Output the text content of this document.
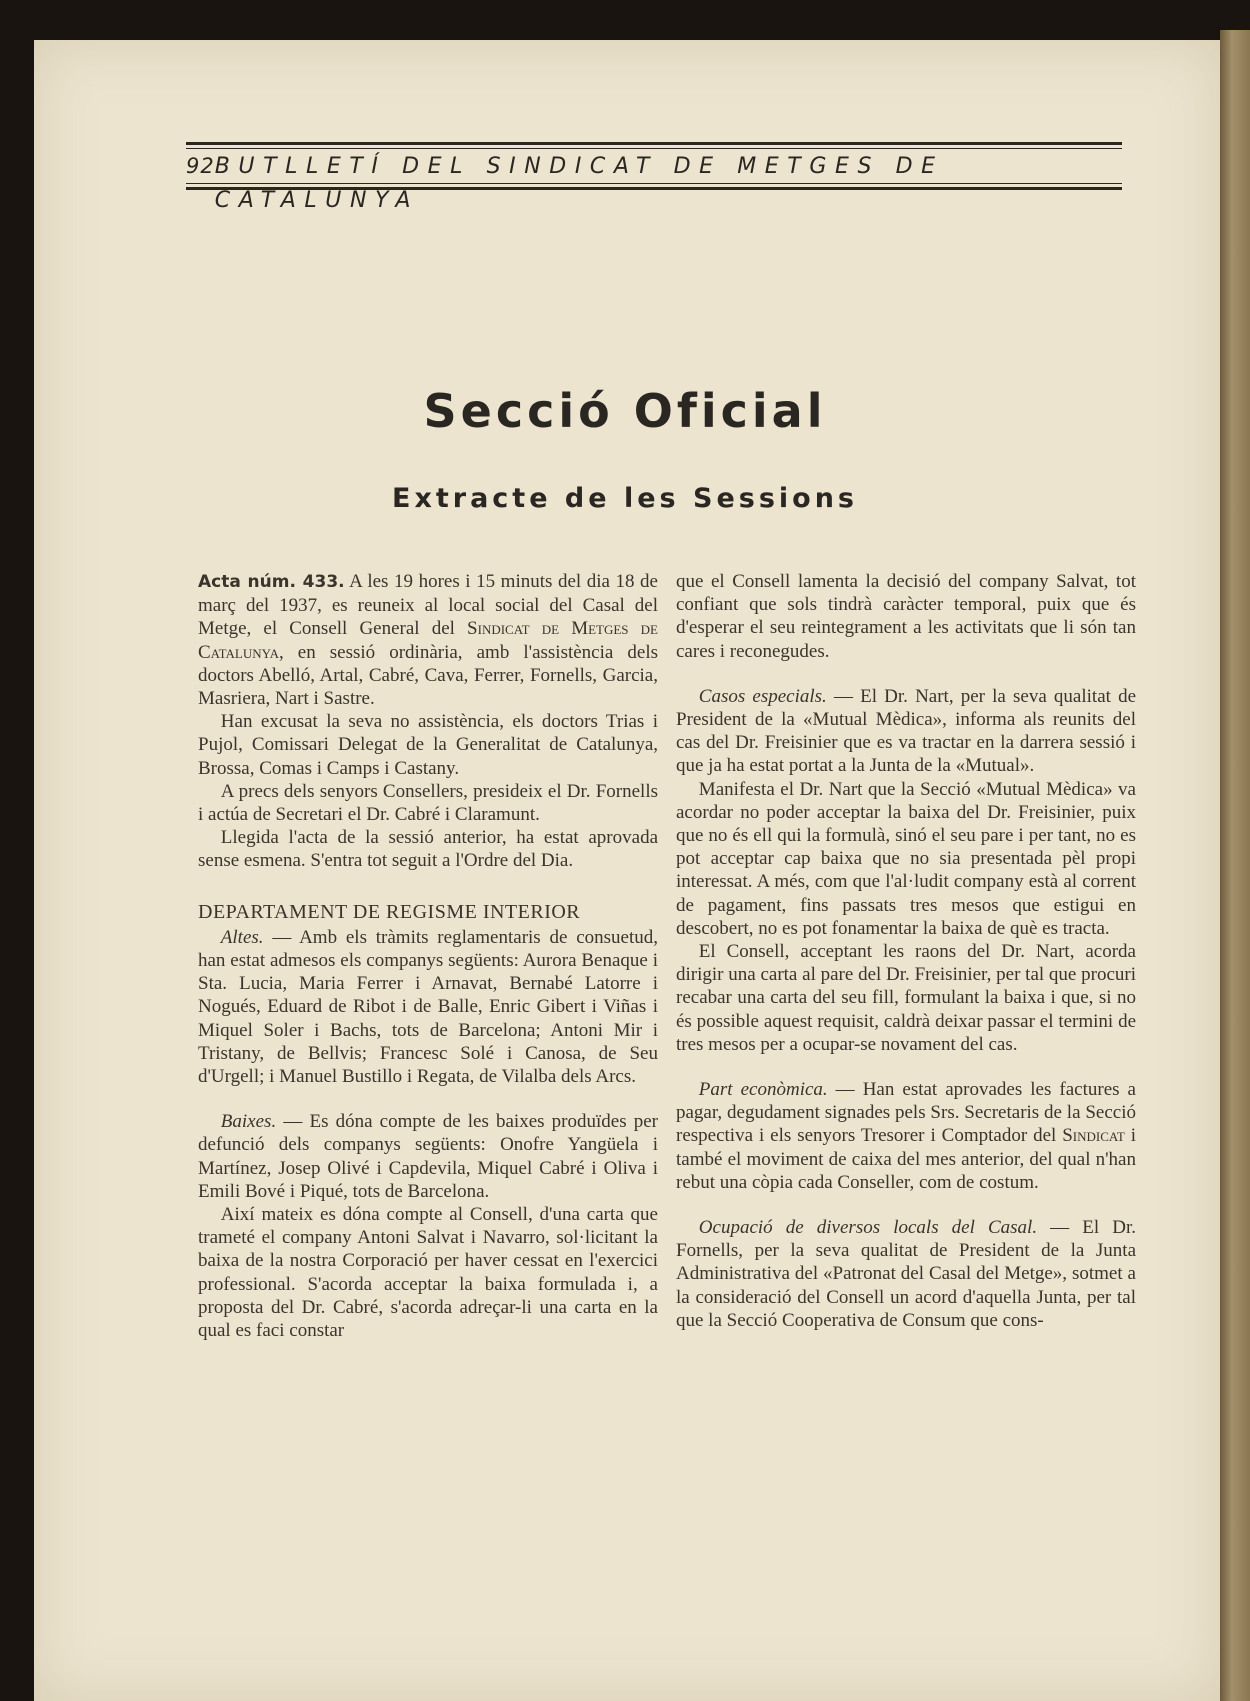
92 BUTLLETÍ DEL SINDICAT DE METGES DE CATALUNYA
Secció Oficial
Extracte de les Sessions

Acta núm. 433. A les 19 hores i 15 minuts del dia 18 de març del 1937, es reuneix al local social del Casal del Metge, el Consell General del Sindicat de Metges de Catalunya, en sessió ordinària, amb l'assistència dels doctors Abelló, Artal, Cabré, Cava, Ferrer, Fornells, Garcia, Masriera, Nart i Sastre.

Han excusat la seva no assistència, els doctors Trias i Pujol, Comissari Delegat de la Generalitat de Catalunya, Brossa, Comas i Camps i Castany.

A precs dels senyors Consellers, presideix el Dr. Fornells i actúa de Secretari el Dr. Cabré i Claramunt.

Llegida l'acta de la sessió anterior, ha estat aprovada sense esmena. S'entra tot seguit a l'Ordre del Dia.

DEPARTAMENT DE REGISME INTERIOR

Altes. — Amb els tràmits reglamentaris de consuetud, han estat admesos els companys següents: Aurora Benaque i Sta. Lucia, Maria Ferrer i Arnavat, Bernabé Latorre i Nogués, Eduard de Ribot i de Balle, Enric Gibert i Viñas i Miquel Soler i Bachs, tots de Barcelona; Antoni Mir i Tristany, de Bellvis; Francesc Solé i Canosa, de Seu d'Urgell; i Manuel Bustillo i Regata, de Vilalba dels Arcs.

Baixes. — Es dóna compte de les baixes produïdes per defunció dels companys següents: Onofre Yangüela i Martínez, Josep Olivé i Capdevila, Miquel Cabré i Oliva i Emili Bové i Piqué, tots de Barcelona.

Així mateix es dóna compte al Consell, d'una carta que trameté el company Antoni Salvat i Navarro, sol·licitant la baixa de la nostra Corporació per haver cessat en l'exercici professional. S'acorda acceptar la baixa formulada i, a proposta del Dr. Cabré, s'acorda adreçar-li una carta en la qual es faci constar

que el Consell lamenta la decisió del company Salvat, tot confiant que sols tindrà caràcter temporal, puix que és d'esperar el seu reintegrament a les activitats que li són tan cares i reconegudes.

Casos especials. — El Dr. Nart, per la seva qualitat de President de la «Mutual Mèdica», informa als reunits del cas del Dr. Freisinier que es va tractar en la darrera sessió i que ja ha estat portat a la Junta de la «Mutual».

Manifesta el Dr. Nart que la Secció «Mutual Mèdica» va acordar no poder acceptar la baixa del Dr. Freisinier, puix que no és ell qui la formulà, sinó el seu pare i per tant, no es pot acceptar cap baixa que no sia presentada pèl propi interessat. A més, com que l'al·ludit company està al corrent de pagament, fins passats tres mesos que estigui en descobert, no es pot fonamentar la baixa de què es tracta.

El Consell, acceptant les raons del Dr. Nart, acorda dirigir una carta al pare del Dr. Freisinier, per tal que procuri recabar una carta del seu fill, formulant la baixa i que, si no és possible aquest requisit, caldrà deixar passar el termini de tres mesos per a ocupar-se novament del cas.

Part econòmica. — Han estat aprovades les factures a pagar, degudament signades pels Srs. Secretaris de la Secció respectiva i els senyors Tresorer i Comptador del Sindicat i també el moviment de caixa del mes anterior, del qual n'han rebut una còpia cada Conseller, com de costum.

Ocupació de diversos locals del Casal. — El Dr. Fornells, per la seva qualitat de President de la Junta Administrativa del «Patronat del Casal del Metge», sotmet a la consideració del Consell un acord d'aquella Junta, per tal que la Secció Cooperativa de Consum que cons-
